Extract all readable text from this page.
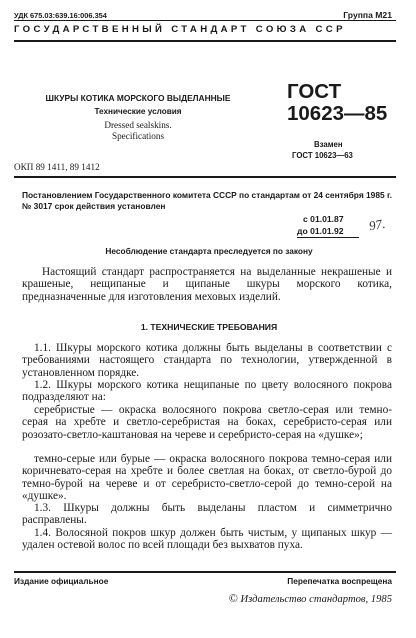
УДК 675.03:639.16:006.354	Группа М21
ГОСУДАРСТВЕННЫЙ СТАНДАРТ СОЮЗА ССР
ШКУРЫ КОТИКА МОРСКОГО ВЫДЕЛАННЫЕ
Технические условия
Dressed sealskins.
Specifications
ГОСТ
10623—85
Взамен
ГОСТ 10623—63
ОКП 89 1411, 89 1412
Постановлением Государственного комитета СССР по стандартам от 24 сентября 1985 г. № 3017 срок действия установлен
с 01.01.87
до 01.01.92 97.
Несоблюдение стандарта преследуется по закону
Настоящий стандарт распространяется на выделанные некрашеные и крашеные, нещипаные и щипаные шкуры морского котика, предназначенные для изготовления меховых изделий.
1. ТЕХНИЧЕСКИЕ ТРЕБОВАНИЯ
1.1. Шкуры морского котика должны быть выделаны в соответствии с требованиями настоящего стандарта по технологии, утвержденной в установленном порядке.
1.2. Шкуры морского котика нещипаные по цвету волосяного покрова подразделяют на:
серебристые — окраска волосяного покрова светло-серая или темно-серая на хребте и светло-серебристая на боках, серебристо-серая или розозато-светло-каштановая на череве и серебристо-серая на «душке»;
темно-серые или бурые — окраска волосяного покрова темно-серая или коричневато-серая на хребте и более светлая на боках, от светло-бурой до темно-бурой на череве и от серебристо-светло-серой до темно-серой на «душке».
1.3. Шкуры должны быть выделаны пластом и симметрично расправлены.
1.4. Волосяной покров шкур должен быть чистым, у щипаных шкур — удален остевой волос по всей площади без выхватов пуха.
Издание официальное	Перепечатка воспрещена
© Издательство стандартов, 1985
